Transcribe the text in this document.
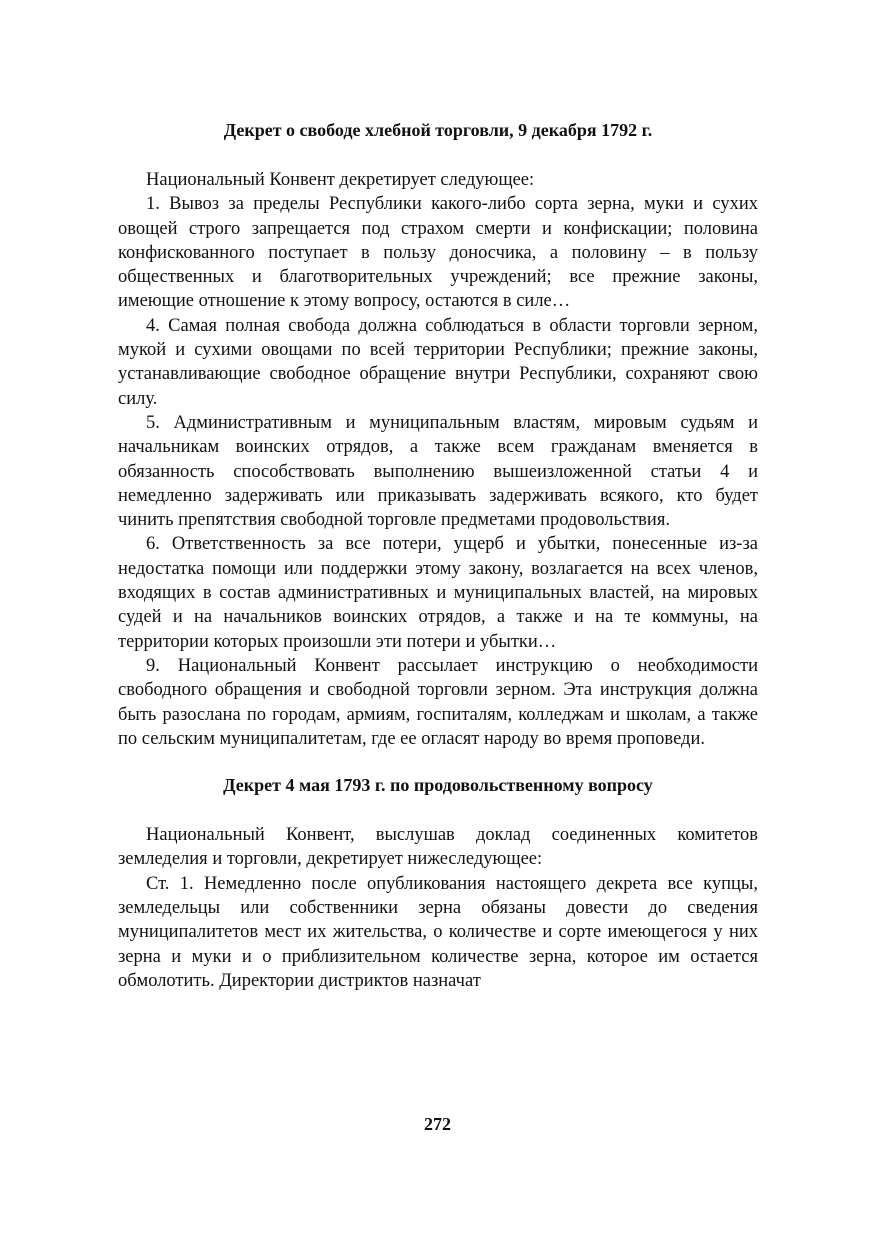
Декрет о свободе хлебной торговли, 9 декабря 1792 г.

Национальный Конвент декретирует следующее:

1. Вывоз за пределы Республики какого-либо сорта зерна, муки и сухих овощей строго запрещается под страхом смерти и конфискации; половина конфискованного поступает в пользу доносчика, а половину – в пользу общественных и благотворительных учреждений; все прежние законы, имеющие отношение к этому вопросу, остаются в силе…

4. Самая полная свобода должна соблюдаться в области торговли зерном, мукой и сухими овощами по всей территории Республики; прежние законы, устанавливающие свободное обращение внутри Республики, сохраняют свою силу.

5. Административным и муниципальным властям, мировым судьям и начальникам воинских отрядов, а также всем гражданам вменяется в обязанность способствовать выполнению вышеизложенной статьи 4 и немедленно задерживать или приказывать задерживать всякого, кто будет чинить препятствия свободной торговле предметами продовольствия.

6. Ответственность за все потери, ущерб и убытки, понесенные из-за недостатка помощи или поддержки этому закону, возлагается на всех членов, входящих в состав административных и муниципальных властей, на мировых судей и на начальников воинских отрядов, а также и на те коммуны, на территории которых произошли эти потери и убытки…

9. Национальный Конвент рассылает инструкцию о необходимости свободного обращения и свободной торговли зерном. Эта инструкция должна быть разослана по городам, армиям, госпиталям, колледжам и школам, а также по сельским муниципалитетам, где ее огласят народу во время проповеди.

Декрет 4 мая 1793 г. по продовольственному вопросу

Национальный Конвент, выслушав доклад соединенных комитетов земледелия и торговли, декретирует нижеследующее:

Ст. 1. Немедленно после опубликования настоящего декрета все купцы, земледельцы или собственники зерна обязаны довести до сведения муниципалитетов мест их жительства, о количестве и сорте имеющегося у них зерна и муки и о приблизительном количестве зерна, которое им остается обмолотить. Директории дистриктов назначат

272
